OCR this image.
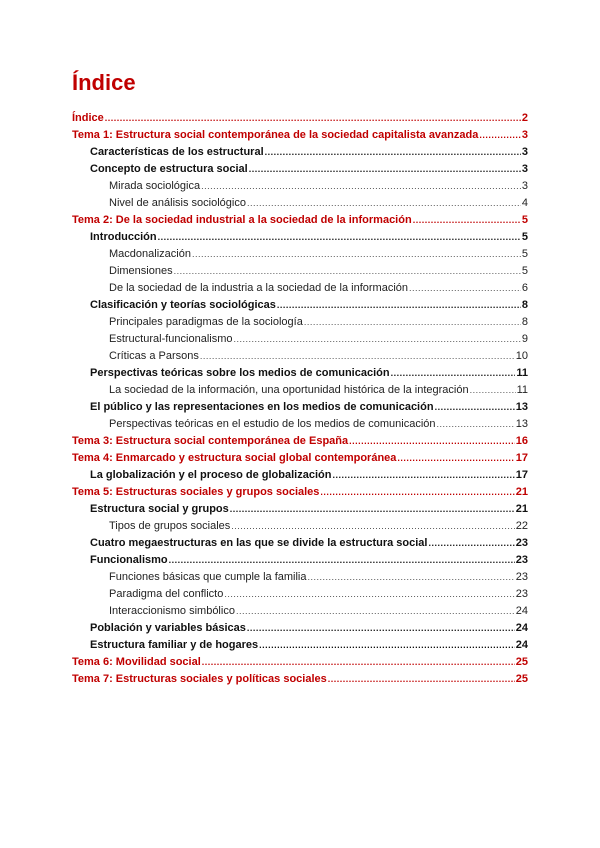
Índice
Índice .....	2
Tema 1: Estructura social contemporánea de la sociedad capitalista avanzada .....	3
Características de los estructural .....	3
Concepto de estructura social .....	3
Mirada sociológica .....	3
Nivel de análisis sociológico .....	4
Tema 2: De la sociedad industrial a la sociedad de la información .....	5
Introducción .....	5
Macdonalización .....	5
Dimensiones .....	5
De la sociedad de la industria a la sociedad de la información .....	6
Clasificación y teorías sociológicas .....	8
Principales paradigmas de la sociología .....	8
Estructural-funcionalismo .....	9
Críticas a Parsons .....	10
Perspectivas teóricas sobre los medios de comunicación .....	11
La sociedad de la información, una oportunidad histórica de la integración .....	11
El público y las representaciones en los medios de comunicación .....	13
Perspectivas teóricas en el estudio de los medios de comunicación .....	13
Tema 3: Estructura social contemporánea de España .....	16
Tema 4: Enmarcado y estructura social global contemporánea .....	17
La globalización y el proceso de globalización .....	17
Tema 5: Estructuras sociales y grupos sociales .....	21
Estructura social y grupos .....	21
Tipos de grupos sociales .....	22
Cuatro megaestructuras en las que se divide la estructura social .....	23
Funcionalismo .....	23
Funciones básicas que cumple la familia .....	23
Paradigma del conflicto .....	23
Interaccionismo simbólico .....	24
Población y variables básicas .....	24
Estructura familiar y de hogares .....	24
Tema 6: Movilidad social .....	25
Tema 7: Estructuras sociales y políticas sociales .....	25
